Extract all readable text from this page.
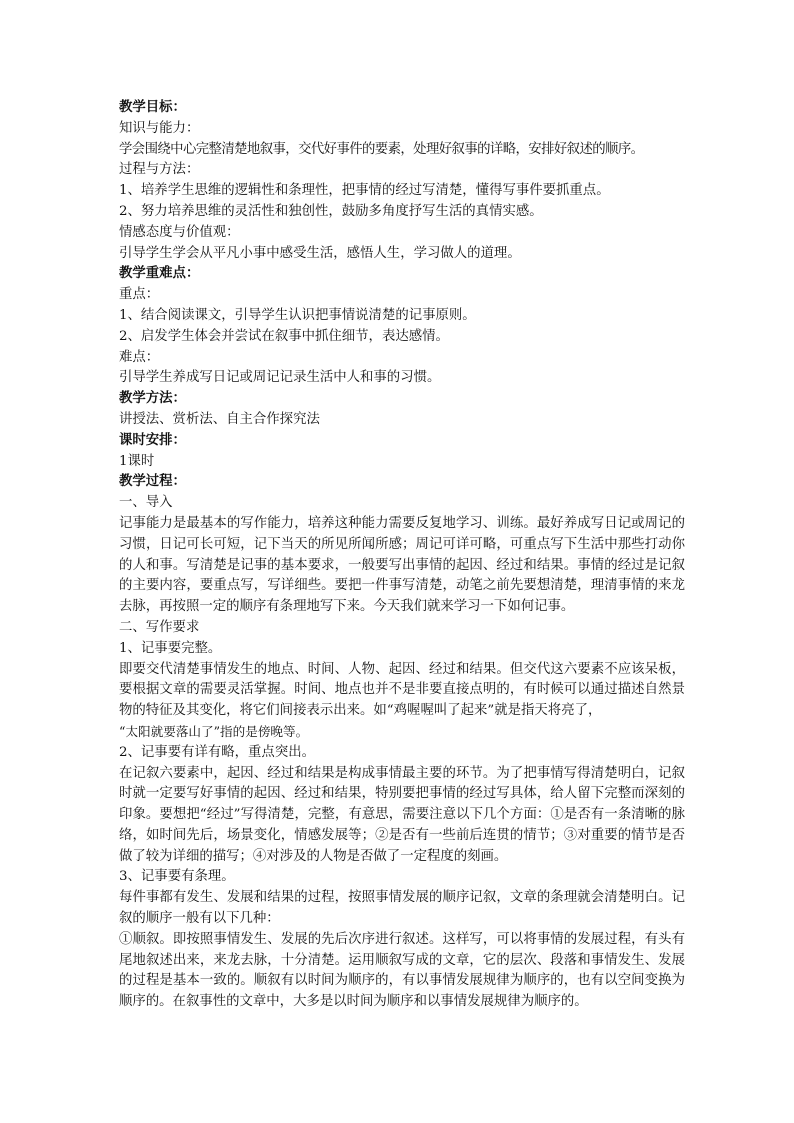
教学目标：

知识与能力：

学会围绕中心完整清楚地叙事，交代好事件的要素，处理好叙事的详略，安排好叙述的顺序。

过程与方法：

1、培养学生思维的逻辑性和条理性，把事情的经过写清楚，懂得写事件要抓重点。

2、努力培养思维的灵活性和独创性，鼓励多角度抒写生活的真情实感。

情感态度与价值观：

引导学生学会从平凡小事中感受生活，感悟人生，学习做人的道理。

教学重难点：

重点：

1、结合阅读课文，引导学生认识把事情说清楚的记事原则。

2、启发学生体会并尝试在叙事中抓住细节，表达感情。

难点：

引导学生养成写日记或周记记录生活中人和事的习惯。

教学方法：

讲授法、赏析法、自主合作探究法

课时安排：

1课时

教学过程：

一、导入

记事能力是最基本的写作能力，培养这种能力需要反复地学习、训练。最好养成写日记或周记的习惯，日记可长可短，记下当天的所见所闻所感；周记可详可略，可重点写下生活中那些打动你的人和事。写清楚是记事的基本要求，一般要写出事情的起因、经过和结果。事情的经过是记叙的主要内容，要重点写，写详细些。要把一件事写清楚，动笔之前先要想清楚，理清事情的来龙去脉，再按照一定的顺序有条理地写下来。今天我们就来学习一下如何记事。

二、写作要求

1、记事要完整。

即要交代清楚事情发生的地点、时间、人物、起因、经过和结果。但交代这六要素不应该呆板，要根据文章的需要灵活掌握。时间、地点也并不是非要直接点明的，有时候可以通过描述自然景物的特征及其变化，将它们间接表示出来。如“鸡喔喔叫了起来”就是指天将亮了，

“太阳就要落山了”指的是傍晚等。

2、记事要有详有略，重点突出。

在记叙六要素中，起因、经过和结果是构成事情最主要的环节。为了把事情写得清楚明白，记叙时就一定要写好事情的起因、经过和结果，特别要把事情的经过写具体，给人留下完整而深刻的印象。要想把“经过”写得清楚，完整，有意思，需要注意以下几个方面：①是否有一条清晰的脉络，如时间先后，场景变化，情感发展等；②是否有一些前后连贯的情节；③对重要的情节是否做了较为详细的描写；④对涉及的人物是否做了一定程度的刻画。

3、记事要有条理。

每件事都有发生、发展和结果的过程，按照事情发展的顺序记叙，文章的条理就会清楚明白。记叙的顺序一般有以下几种：

①顺叙。即按照事情发生、发展的先后次序进行叙述。这样写，可以将事情的发展过程，有头有尾地叙述出来，来龙去脉，十分清楚。运用顺叙写成的文章，它的层次、段落和事情发生、发展的过程是基本一致的。顺叙有以时间为顺序的，有以事情发展规律为顺序的，也有以空间变换为顺序的。在叙事性的文章中，大多是以时间为顺序和以事情发展规律为顺序的。
